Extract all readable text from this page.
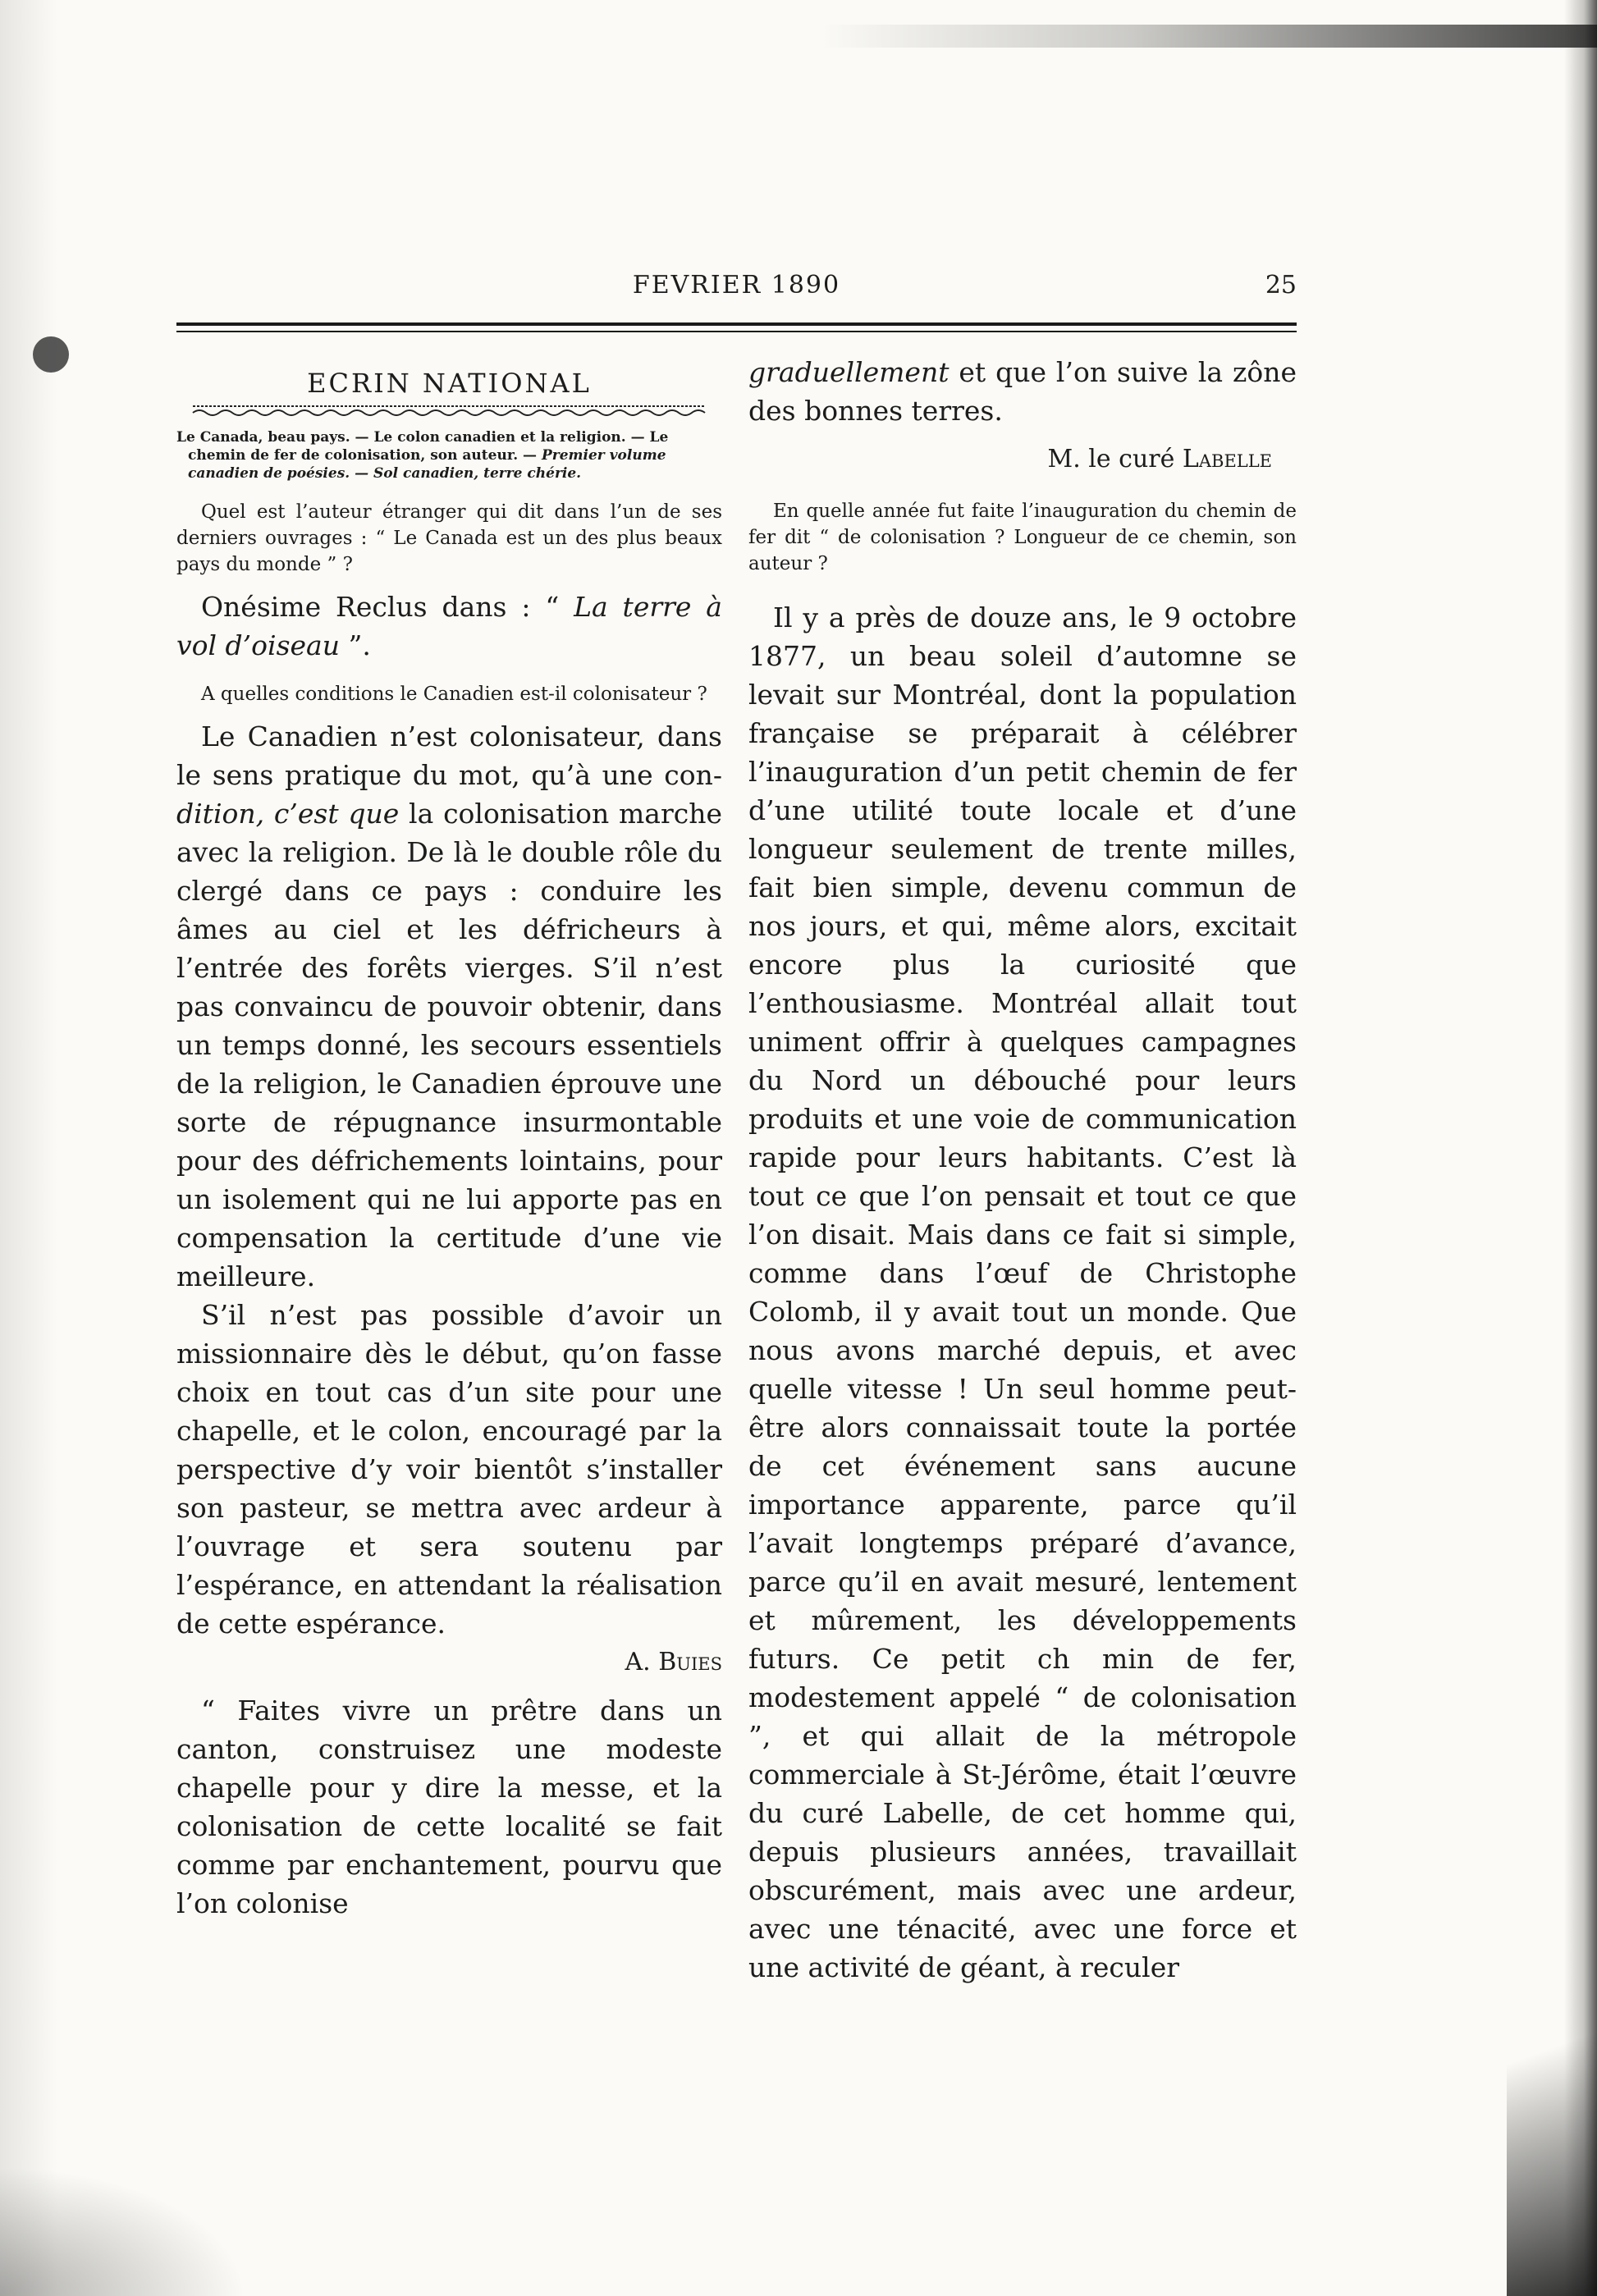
FEVRIER 1890	25
ECRIN NATIONAL
Le Canada, beau pays. — Le colon canadien et la religion. — Le chemin de fer de colonisation, son auteur. — Premier volume canadien de poésies. — Sol canadien, terre chérie.

Quel est l’auteur étranger qui dit dans l’un de ses derniers ouvrages : “ Le Canada est un des plus beaux pays du monde ” ?

Onésime Reclus dans : “ La terre à vol d’oiseau ”.

A quelles conditions le Canadien est-il colonisateur ?

Le Canadien n’est colonisateur, dans le sens pratique du mot, qu’à une con-dition, c’est que la colonisation marche avec la religion. De là le double rôle du clergé dans ce pays : conduire les âmes au ciel et les défricheurs à l’entrée des forêts vierges. S’il n’est pas convaincu de pouvoir obtenir, dans un temps donné, les secours essentiels de la religion, le Canadien éprouve une sorte de répugnance insurmontable pour des défrichements lointains, pour un isolement qui ne lui apporte pas en compensation la certitude d’une vie meilleure.

S’il n’est pas possible d’avoir un missionnaire dès le début, qu’on fasse choix en tout cas d’un site pour une chapelle, et le colon, encouragé par la perspective d’y voir bientôt s’installer son pasteur, se mettra avec ardeur à l’ouvrage et sera soutenu par l’espérance, en attendant la réalisation de cette espérance.

A. Buies

“ Faites vivre un prêtre dans un canton, construisez une modeste chapelle pour y dire la messe, et la colonisation de cette localité se fait comme par enchantement, pourvu que l’on colonise

graduellement et que l’on suive la zône des bonnes terres.

M. le curé Labelle

En quelle année fut faite l’inauguration du chemin de fer dit “ de colonisation ? Longueur de ce chemin, son auteur ?

Il y a près de douze ans, le 9 octobre 1877, un beau soleil d’automne se levait sur Montréal, dont la population française se préparait à célébrer l’inauguration d’un petit chemin de fer d’une utilité toute locale et d’une longueur seulement de trente milles, fait bien simple, devenu commun de nos jours, et qui, même alors, excitait encore plus la curiosité que l’enthousiasme. Montréal allait tout uniment offrir à quelques campagnes du Nord un débouché pour leurs produits et une voie de communication rapide pour leurs habitants. C’est là tout ce que l’on pensait et tout ce que l’on disait. Mais dans ce fait si simple, comme dans l’œuf de Christophe Colomb, il y avait tout un monde. Que nous avons marché depuis, et avec quelle vitesse ! Un seul homme peut-être alors connaissait toute la portée de cet événement sans aucune importance apparente, parce qu’il l’avait longtemps préparé d’avance, parce qu’il en avait mesuré, lentement et mûrement, les développements futurs. Ce petit ch min de fer, modestement appelé “ de colonisation ”, et qui allait de la métropole commerciale à St-Jérôme, était l’œuvre du curé Labelle, de cet homme qui, depuis plusieurs années, travaillait obscurément, mais avec une ardeur, avec une ténacité, avec une force et une activité de géant, à reculer
